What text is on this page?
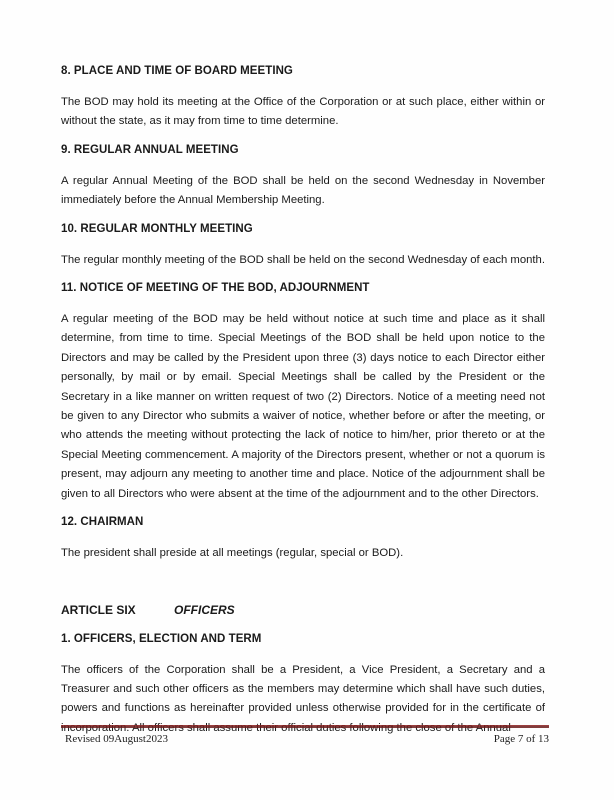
8. PLACE AND TIME OF BOARD MEETING

The BOD may hold its meeting at the Office of the Corporation or at such place, either within or without the state, as it may from time to time determine.

9. REGULAR ANNUAL MEETING

A regular Annual Meeting of the BOD shall be held on the second Wednesday in November immediately before the Annual Membership Meeting.

10. REGULAR MONTHLY MEETING

The regular monthly meeting of the BOD shall be held on the second Wednesday of each month.

11. NOTICE OF MEETING OF THE BOD, ADJOURNMENT

A regular meeting of the BOD may be held without notice at such time and place as it shall determine, from time to time. Special Meetings of the BOD shall be held upon notice to the Directors and may be called by the President upon three (3) days notice to each Director either personally, by mail or by email. Special Meetings shall be called by the President or the Secretary in a like manner on written request of two (2) Directors. Notice of a meeting need not be given to any Director who submits a waiver of notice, whether before or after the meeting, or who attends the meeting without protecting the lack of notice to him/her, prior thereto or at the Special Meeting commencement. A majority of the Directors present, whether or not a quorum is present, may adjourn any meeting to another time and place. Notice of the adjournment shall be given to all Directors who were absent at the time of the adjournment and to the other Directors.

12. CHAIRMAN

The president shall preside at all meetings (regular, special or BOD).

ARTICLE SIX	OFFICERS
1. OFFICERS, ELECTION AND TERM

The officers of the Corporation shall be a President, a Vice President, a Secretary and a Treasurer and such other officers as the members may determine which shall have such duties, powers and functions as hereinafter provided unless otherwise provided for in the certificate of

Revised 09August2023	Page 7 of 13
